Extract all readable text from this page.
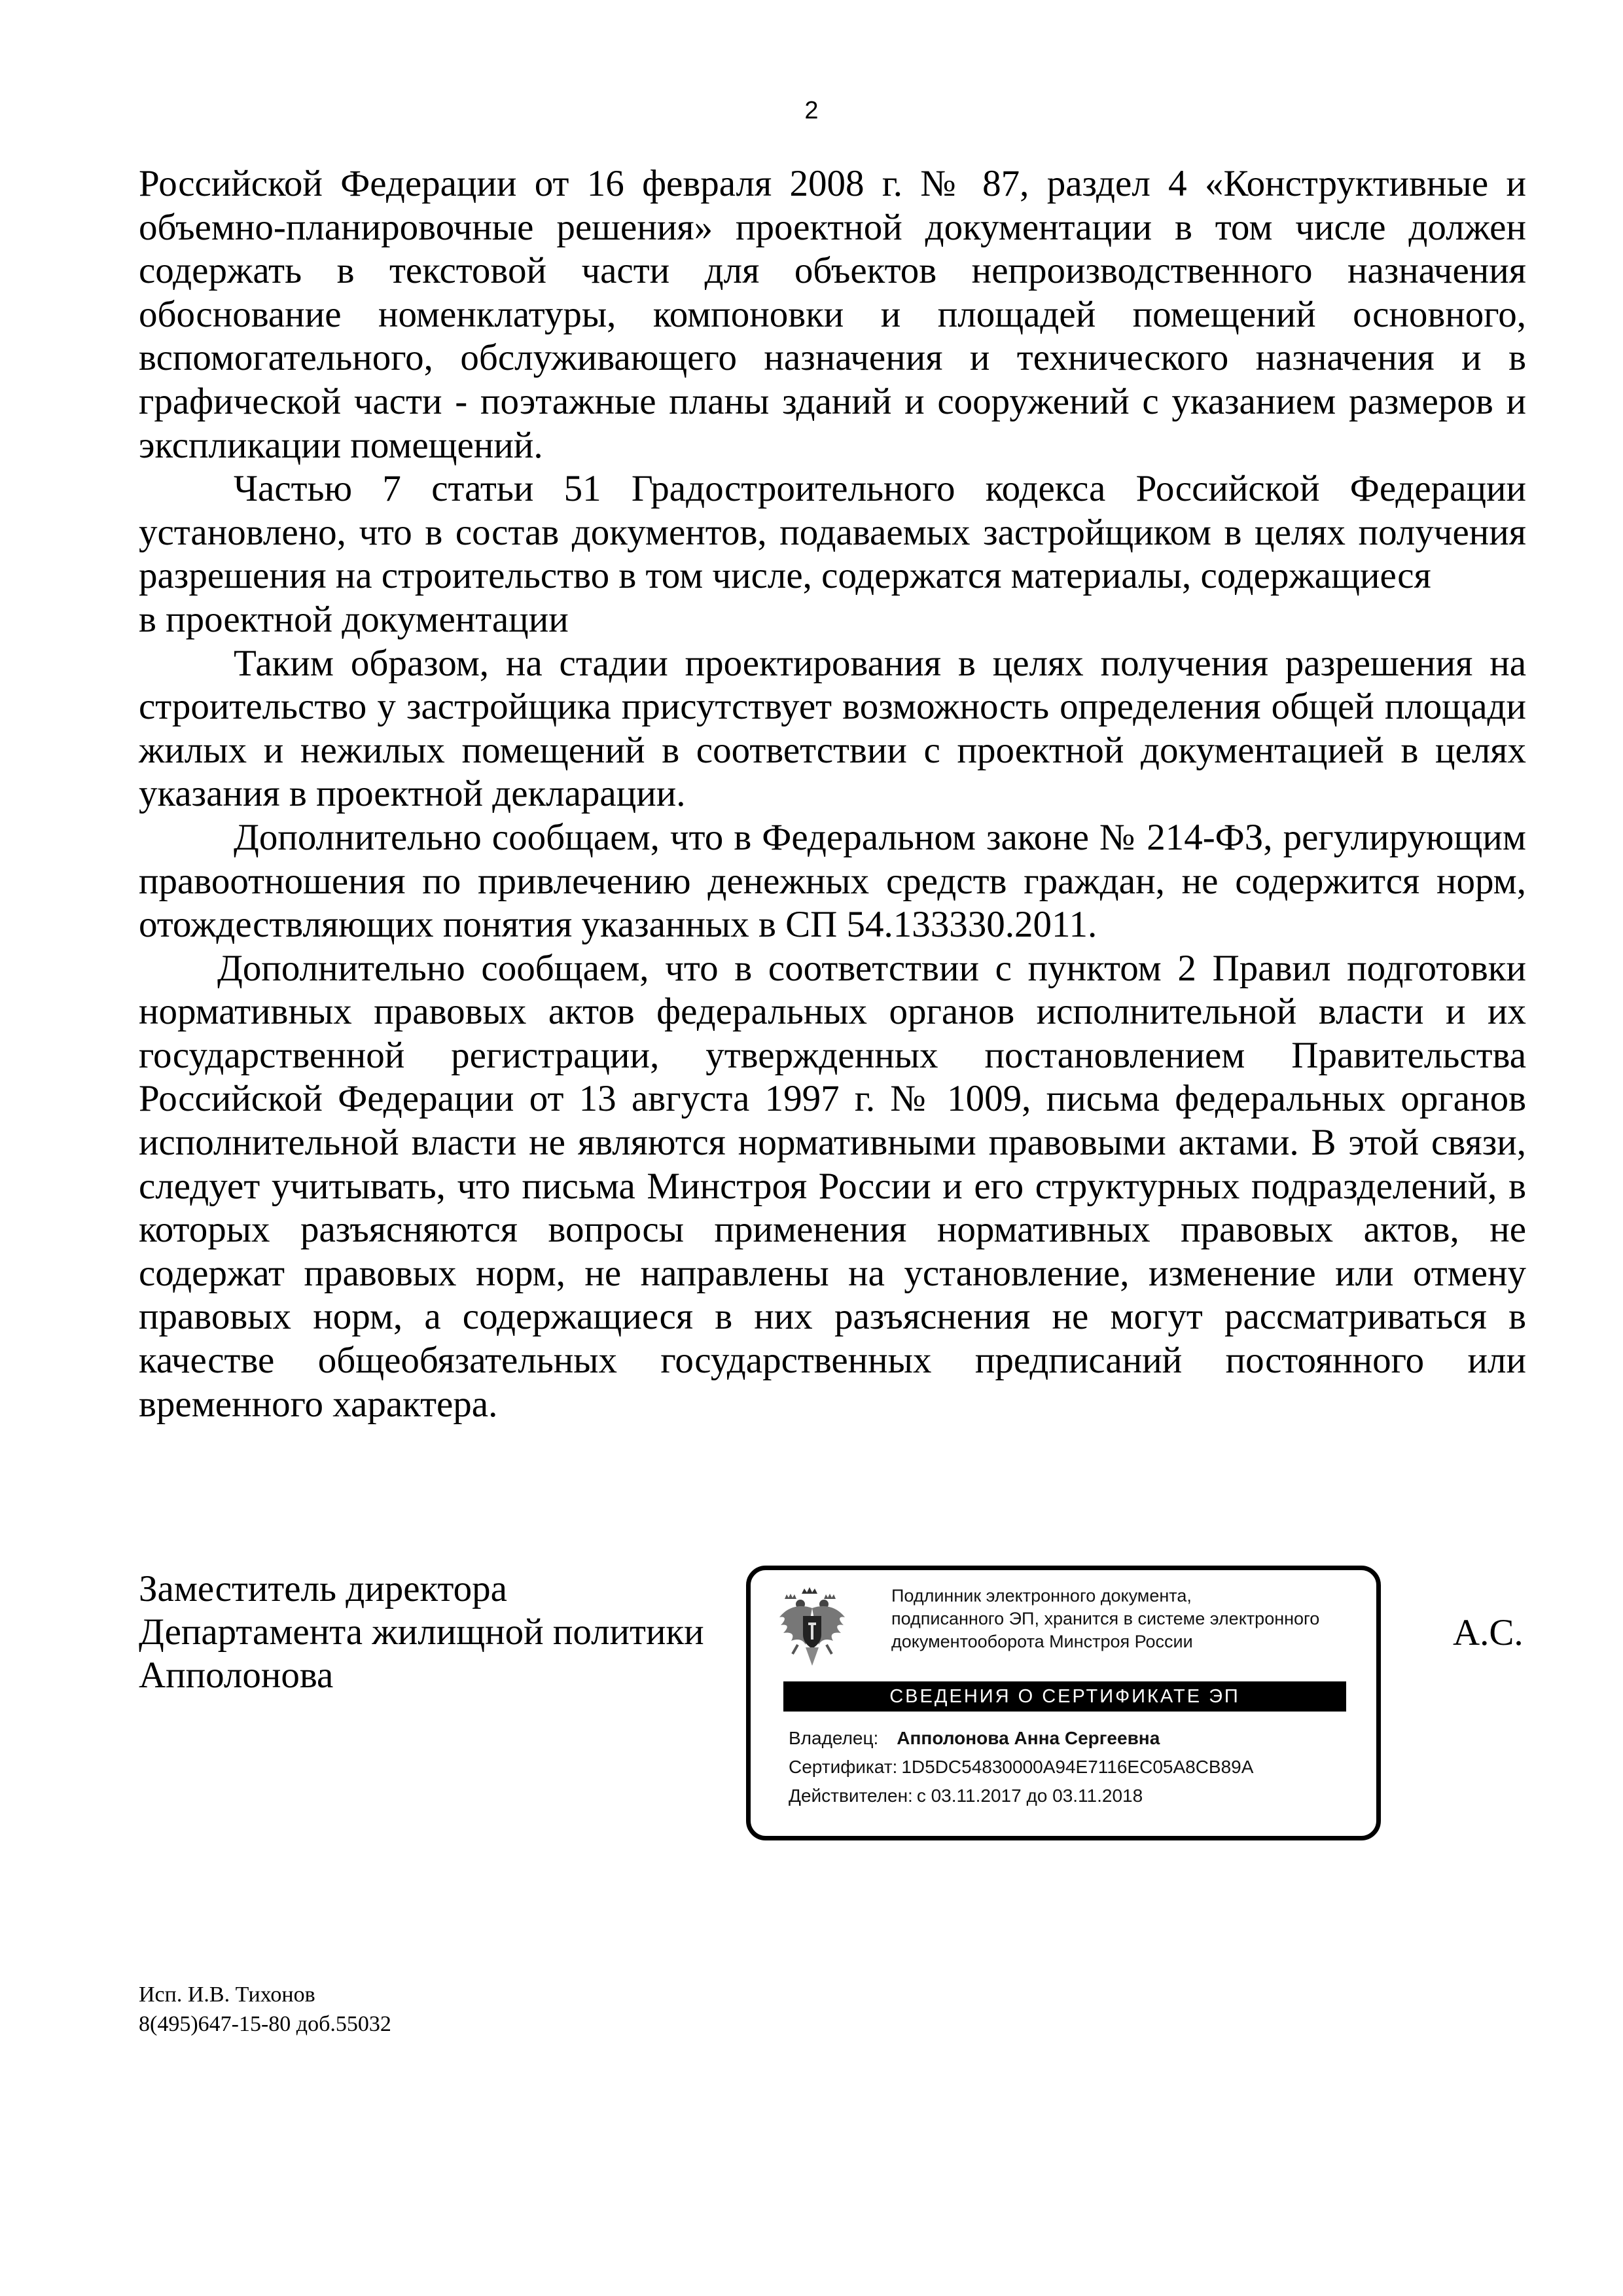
2

Российской Федерации от 16 февраля 2008 г. № 87, раздел 4 «Конструктивные и объемно-планировочные решения» проектной документации в том числе должен содержать в текстовой части для объектов непроизводственного назначения обоснование номенклатуры, компоновки и площадей помещений основного, вспомогательного, обслуживающего назначения и технического назначения и в графической части - поэтажные планы зданий и сооружений с указанием размеров и экспликации помещений.

Частью 7 статьи 51 Градостроительного кодекса Российской Федерации установлено, что в состав документов, подаваемых застройщиком в целях получения разрешения на строительство в том числе, содержатся материалы, содержащиеся

в проектной документации

Таким образом, на стадии проектирования в целях получения разрешения на строительство у застройщика присутствует возможность определения общей площади жилых и нежилых помещений в соответствии с проектной документацией в целях указания в проектной декларации.

Дополнительно сообщаем, что в Федеральном законе № 214-ФЗ, регулирующим правоотношения по привлечению денежных средств граждан, не содержится норм, отождествляющих понятия указанных в СП 54.133330.2011.

Дополнительно сообщаем, что в соответствии с пунктом 2 Правил подготовки нормативных правовых актов федеральных органов исполнительной власти и их государственной регистрации, утвержденных постановлением Правительства Российской Федерации от 13 августа 1997 г. № 1009, письма федеральных органов исполнительной власти не являются нормативными правовыми актами. В этой связи, следует учитывать, что письма Минстроя России и его структурных подразделений, в которых разъясняются вопросы применения нормативных правовых актов, не содержат правовых норм, не направлены на установление, изменение или отмену правовых норм, а содержащиеся в них разъяснения не могут рассматриваться в качестве общеобязательных государственных предписаний постоянного или временного характера.

Заместитель директора
Департамента жилищной политики
Апполонова
А.С.
Подлинник электронного документа,
подписанного ЭП, хранится в системе электронного
документооборота Минстроя России
СВЕДЕНИЯ О СЕРТИФИКАТЕ ЭП
Владелец: Апполонова Анна Сергеевна
Сертификат: 1D5DC54830000A94E7116EC05A8CB89A
Действителен: с 03.11.2017 до 03.11.2018
Исп. И.В. Тихонов
8(495)647-15-80 доб.55032
